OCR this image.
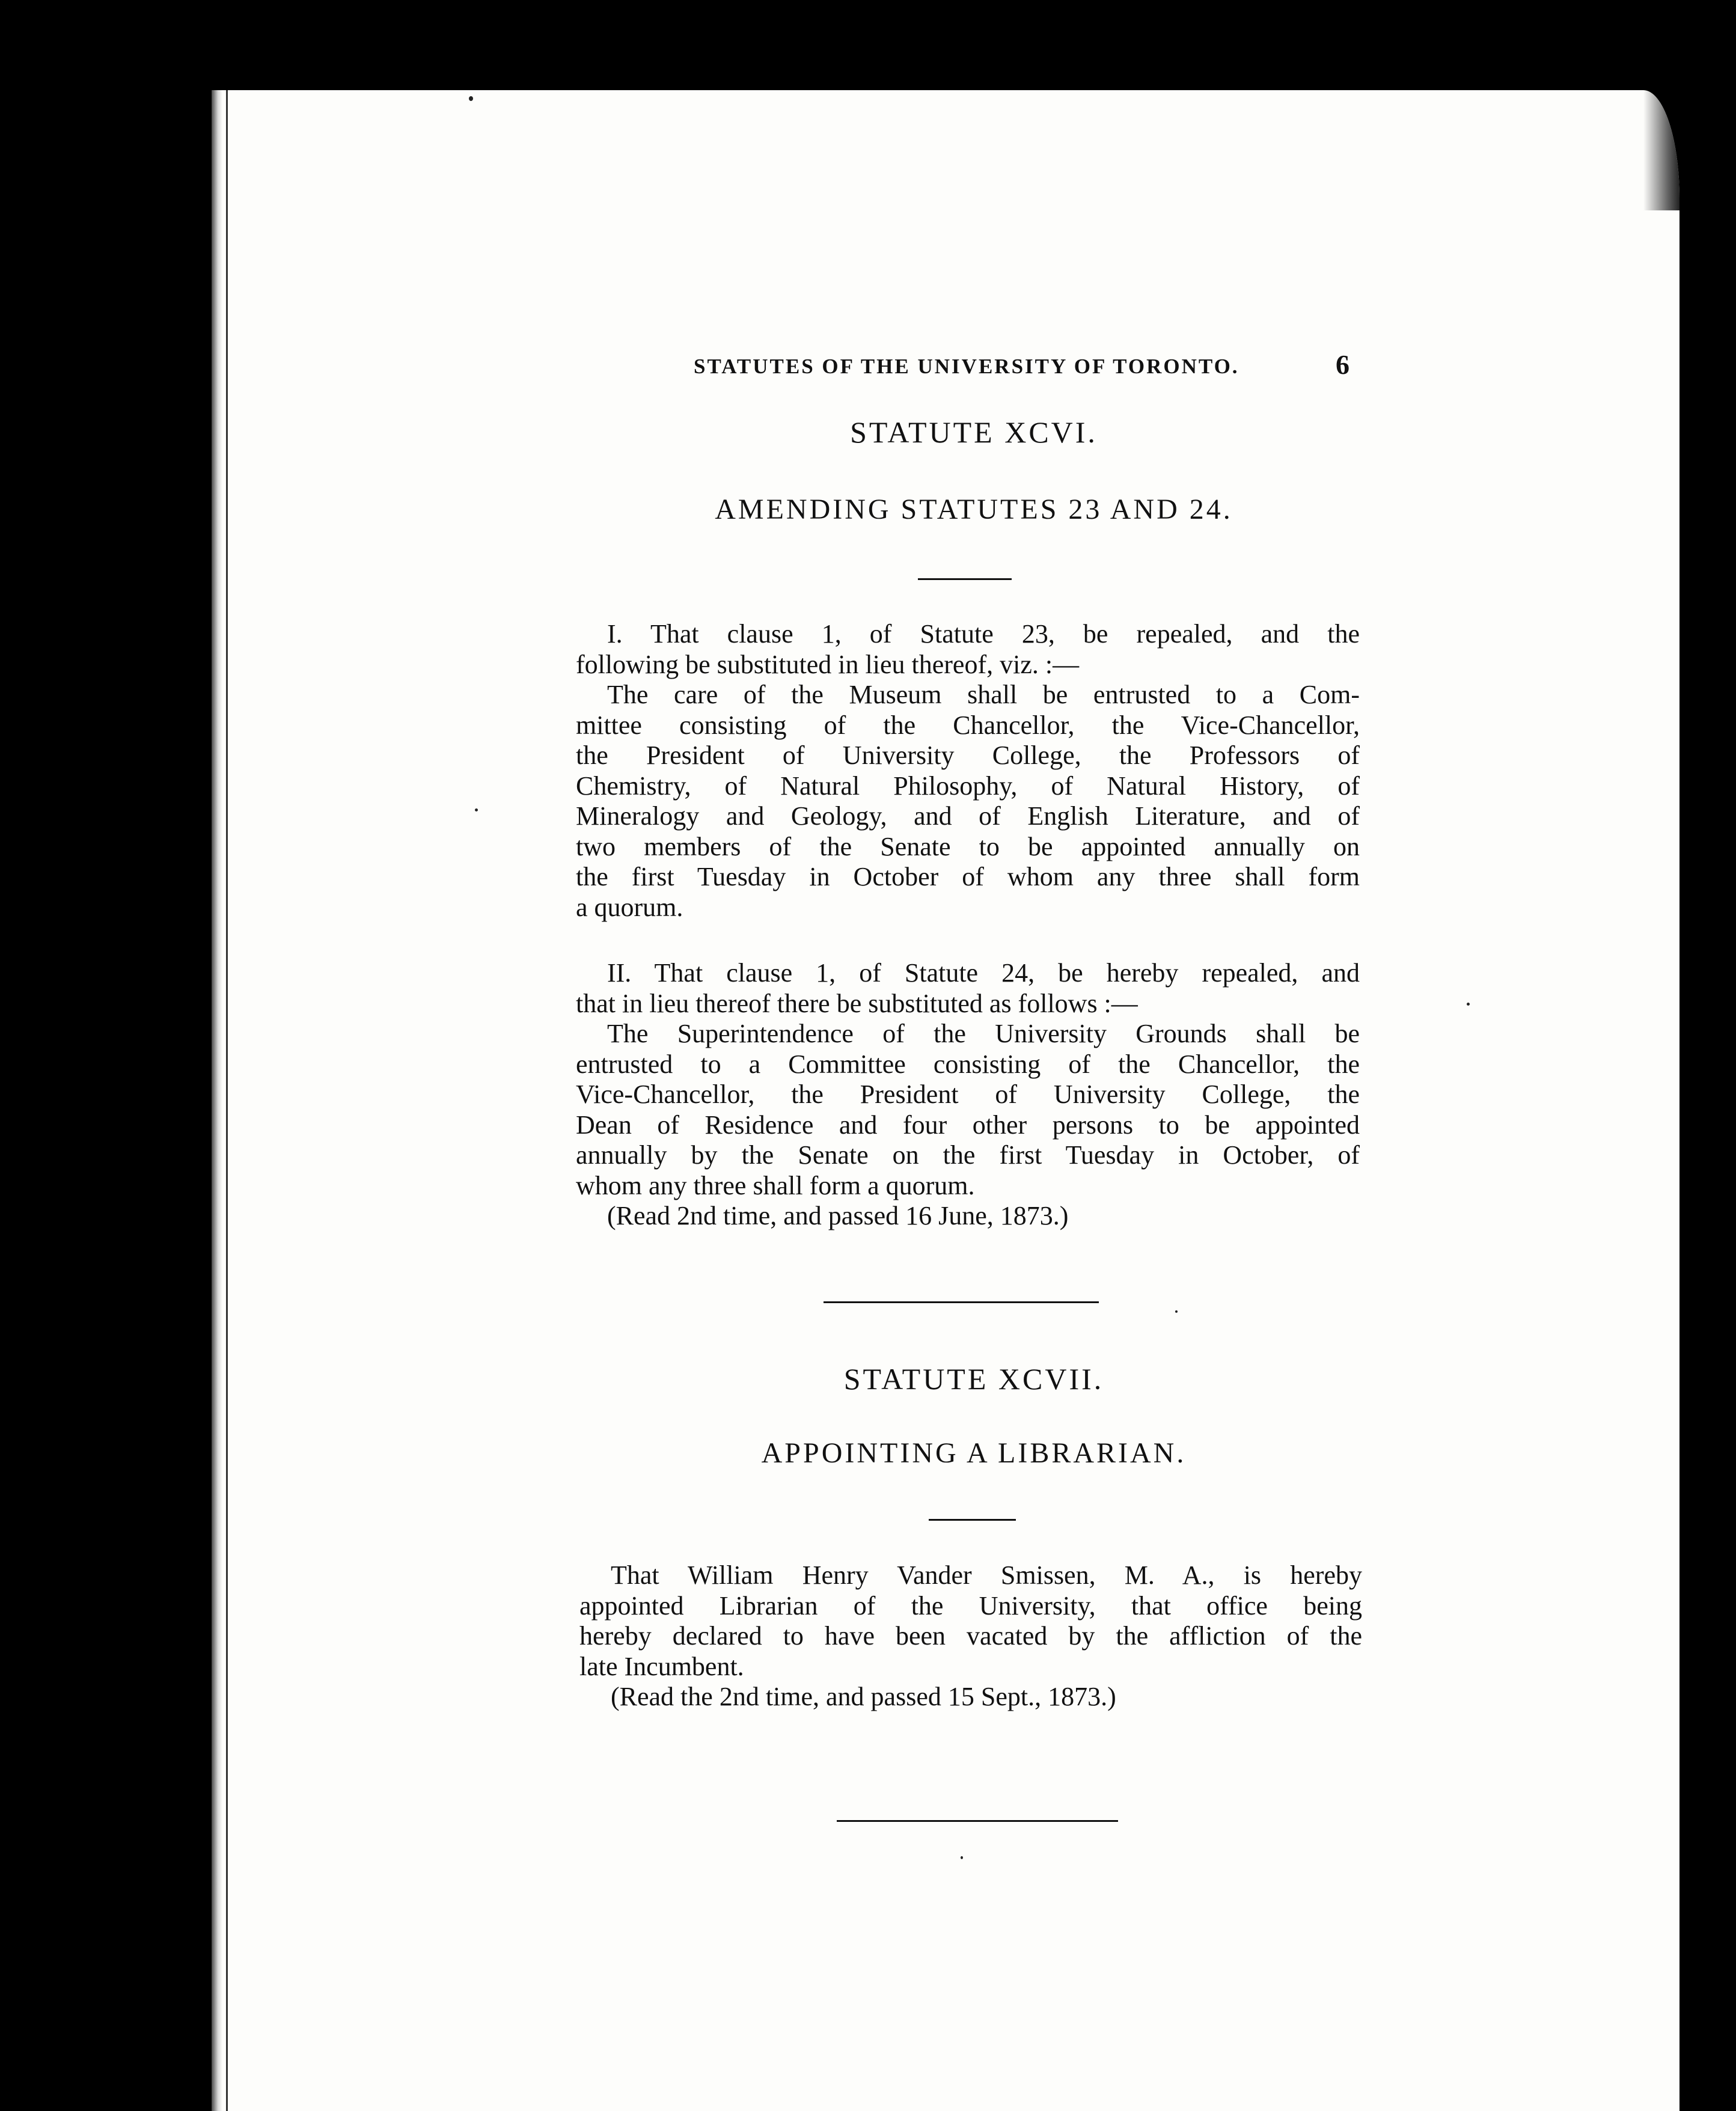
STATUTES OF THE UNIVERSITY OF TORONTO.	6
STATUTE XCVI.
AMENDING STATUTES 23 AND 24.
I. That clause 1, of Statute 23, be repealed, and the
following be substituted in lieu thereof, viz. :—
The care of the Museum shall be entrusted to a Com-
mittee consisting of the Chancellor, the Vice-Chancellor,
the President of University College, the Professors of
Chemistry, of Natural Philosophy, of Natural History, of
Mineralogy and Geology, and of English Literature, and of
two members of the Senate to be appointed annually on
the first Tuesday in October of whom any three shall form
a quorum.
II. That clause 1, of Statute 24, be hereby repealed, and
that in lieu thereof there be substituted as follows :—
The Superintendence of the University Grounds shall be
entrusted to a Committee consisting of the Chancellor, the
Vice-Chancellor, the President of University College, the
Dean of Residence and four other persons to be appointed
annually by the Senate on the first Tuesday in October, of
whom any three shall form a quorum.
(Read 2nd time, and passed 16 June, 1873.)
STATUTE XCVII.
APPOINTING A LIBRARIAN.
That William Henry Vander Smissen, M. A., is hereby
appointed Librarian of the University, that office being
hereby declared to have been vacated by the affliction of the
late Incumbent.
(Read the 2nd time, and passed 15 Sept., 1873.)
